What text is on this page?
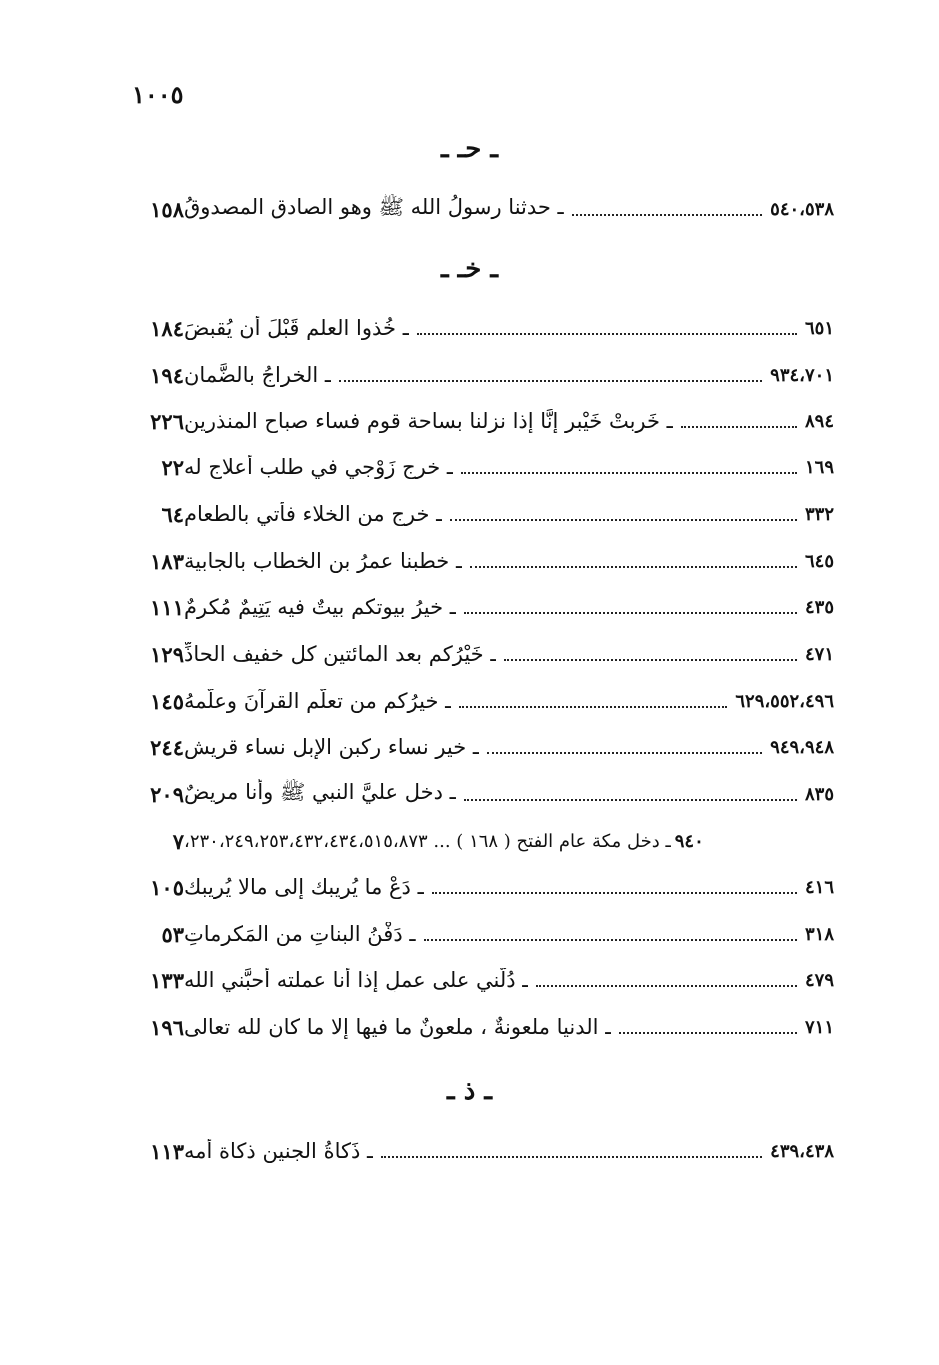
١٠٠٥
ـ حـ ـ
١٥٨ ـ حدثنا رسولُ الله ﷺ وهو الصادق المصدوقُ	٥٤٠،٥٣٨
ـ خـ ـ
١٨٤ ـ خُذوا العلم قَبْلَ أن يُقبضَ	٦٥١
١٩٤ ـ الخراجُ بالضَّمان	٩٣٤،٧٠١
٢٢٦ ـ خَربتْ خَيْبر إنَّا إذا نزلنا بساحة قوم فساء صباح المنذرين	٨٩٤
٢٢ ـ خرج زَوْجي في طلب أعلاجٍ له	١٦٩
٦٤ ـ خرج من الخلاء فأتي بالطعام	٣٣٢
١٨٣ ـ خطبنا عمرُ بن الخطاب بالجابية	٦٤٥
١١١ ـ خيرُ بيوتكم بيتٌ فيه يَتِيمٌ مُكرمٌ	٤٣٥
١٢٩ ـ خَيْرُكم بعد المائتين كل خفيف الحاذِّ	٤٧١
١٤٥ ـ خيرُكم من تعلَّم القرآنَ وعلَّمهُ	٦٢٩،٥٥٢،٤٩٦
٢٤٤ ـ خير نساء ركبن الإبل نساء قريش	٩٤٩،٩٤٨
٢٠٩ ـ دخل عليَّ النبي ﷺ وأنا مريضٌ	٨٣٥
٧ ـ دخل مكة عام الفتح ( ١٦٨ ) ... ٢٣٠،٢٤٩،٢٥٣،٤٣٢،٤٣٤،٥١٥،٨٧٣، ٩٤٠
١٠٥ ـ دَعْ ما يُريبك إلى مالا يُريبك	٤١٦
٥٣ ـ دَفْنُ البناتِ من المَكرماتِ	٣١٨
١٣٣ ـ دُلَّني على عملٍ إذا أنا عملته أحبَّني الله	٤٧٩
١٩٦ ـ الدنيا ملعونةٌ ، ملعونٌ ما فيها إلا ما كان لله تعالى	٧١١
ـ ذ ـ
١١٣ ـ ذَكاةُ الجنينِ ذكاة أُمه	٤٣٩،٤٣٨
